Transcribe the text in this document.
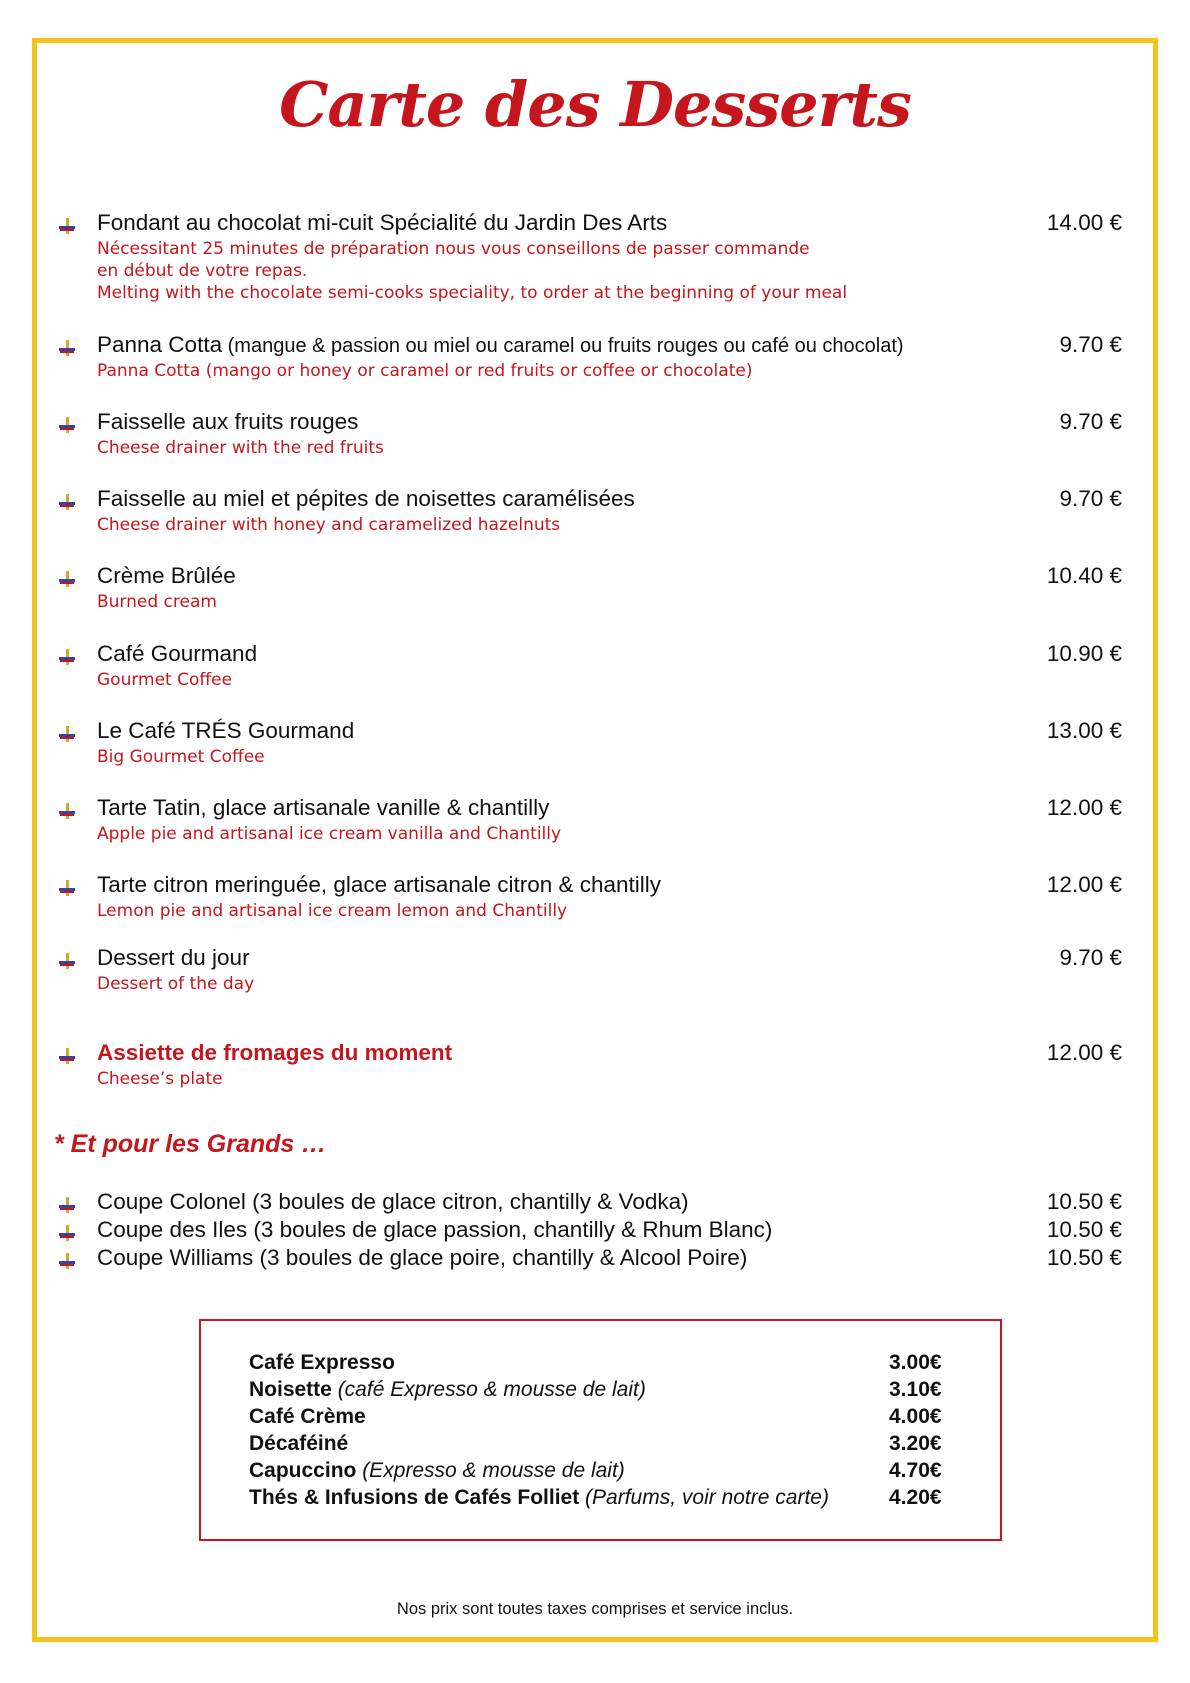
Carte des Desserts
Fondant au chocolat mi-cuit Spécialité du Jardin Des Arts
Nécessitant 25 minutes de préparation nous vous conseillons de passer commande
en début de votre repas.
Melting with the chocolate semi-cooks speciality, to order at the beginning of your meal
14.00 €
Panna Cotta (mangue & passion ou miel ou caramel ou fruits rouges ou café ou chocolat)
Panna Cotta (mango or honey or caramel or red fruits or coffee or chocolate)
9.70 €
Faisselle aux fruits rouges
Cheese drainer with the red fruits
9.70 €
Faisselle au miel et pépites de noisettes caramélisées
Cheese drainer with honey and caramelized hazelnuts
9.70 €
Crème Brûlée
Burned cream
10.40 €
Café Gourmand
Gourmet Coffee
10.90 €
Le Café TRÉS Gourmand
Big Gourmet Coffee
13.00 €
Tarte Tatin, glace artisanale vanille & chantilly
Apple pie and artisanal ice cream vanilla and Chantilly
12.00 €
Tarte citron meringuée, glace artisanale citron & chantilly
Lemon pie and artisanal ice cream lemon and Chantilly
12.00 €
Dessert du jour
Dessert of the day
9.70 €
Assiette de fromages du moment
Cheese’s plate
12.00 €
* Et pour les Grands …
Coupe Colonel (3 boules de glace citron, chantilly & Vodka)	10.50 €
Coupe des Iles (3 boules de glace passion, chantilly & Rhum Blanc)	10.50 €
Coupe Williams (3 boules de glace poire, chantilly & Alcool Poire)	10.50 €
Café Expresso	3.00€
Noisette (café Expresso & mousse de lait)	3.10€
Café Crème	4.00€
Décaféiné	3.20€
Capuccino (Expresso & mousse de lait)	4.70€
Thés & Infusions de Cafés Folliet (Parfums, voir notre carte)	4.20€
Nos prix sont toutes taxes comprises et service inclus.
